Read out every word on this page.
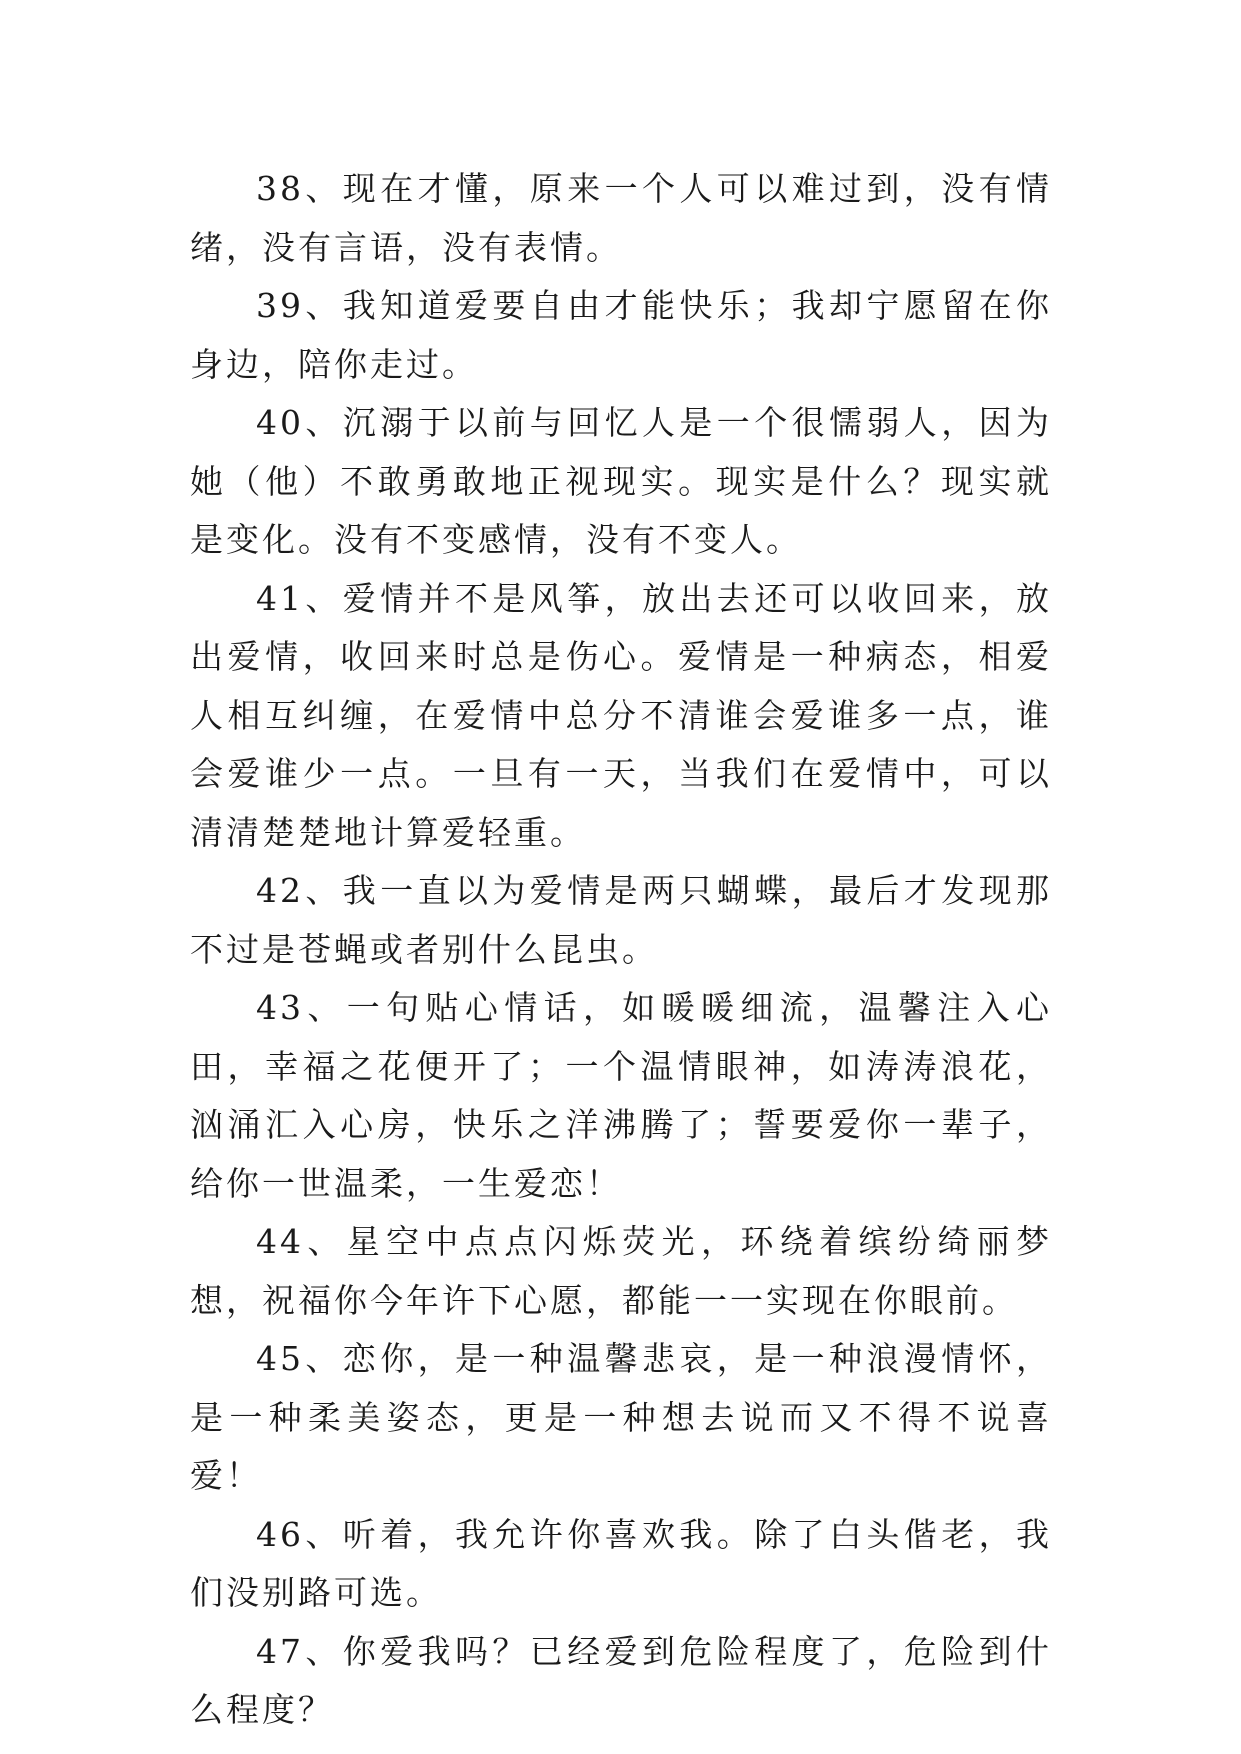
38、现在才懂，原来一个人可以难过到，没有情绪，没有言语，没有表情。

39、我知道爱要自由才能快乐；我却宁愿留在你身边，陪你走过。

40、沉溺于以前与回忆人是一个很懦弱人，因为她（他）不敢勇敢地正视现实。现实是什么？现实就是变化。没有不变感情，没有不变人。

41、爱情并不是风筝，放出去还可以收回来，放出爱情，收回来时总是伤心。爱情是一种病态，相爱人相互纠缠，在爱情中总分不清谁会爱谁多一点，谁会爱谁少一点。一旦有一天，当我们在爱情中，可以清清楚楚地计算爱轻重。

42、我一直以为爱情是两只蝴蝶，最后才发现那不过是苍蝇或者别什么昆虫。

43、一句贴心情话，如暖暖细流，温馨注入心田，幸福之花便开了；一个温情眼神，如涛涛浪花，汹涌汇入心房，快乐之洋沸腾了；誓要爱你一辈子，给你一世温柔，一生爱恋！

44、星空中点点闪烁荧光，环绕着缤纷绮丽梦想，祝福你今年许下心愿，都能一一实现在你眼前。

45、恋你，是一种温馨悲哀，是一种浪漫情怀，是一种柔美姿态，更是一种想去说而又不得不说喜爱！

46、听着，我允许你喜欢我。除了白头偕老，我们没别路可选。

47、你爱我吗？已经爱到危险程度了，危险到什么程度？
